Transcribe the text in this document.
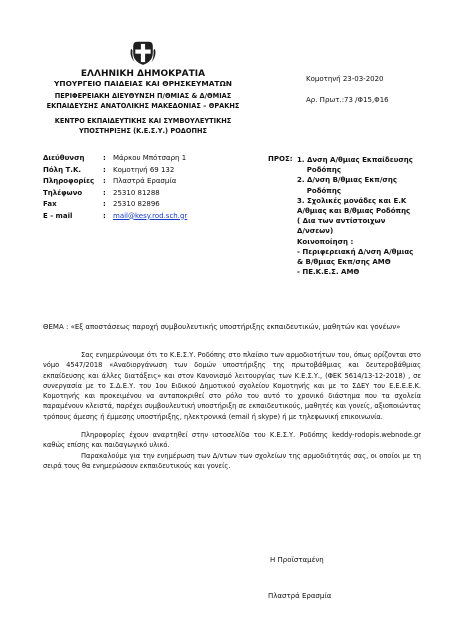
ΕΛΛΗΝΙΚΗ ΔΗΜΟΚΡΑΤΙΑ
ΥΠΟΥΡΓΕΙΟ ΠΑΙΔΕΙΑΣ ΚΑΙ ΘΡΗΣΚΕΥΜΑΤΩΝ
ΠΕΡΙΦΕΡΕΙΑΚΗ ΔΙΕΥΘΥΝΣΗ Π/ΘΜΙΑΣ & Δ/ΘΜΙΑΣ
ΕΚΠΑΙΔΕΥΣΗΣ ΑΝΑΤΟΛΙΚΗΣ ΜΑΚΕΔΟΝΙΑΣ – ΘΡΑΚΗΣ
ΚΕΝΤΡΟ ΕΚΠΑΙΔΕΥΤΙΚΗΣ ΚΑΙ ΣΥΜΒΟΥΛΕΥΤΙΚΗΣ
ΥΠΟΣΤΗΡΙΞΗΣ (Κ.Ε.Σ.Υ.) ΡΟΔΟΠΗΣ
Κομοτηνή 23-03-2020
Αρ. Πρωτ.:73 /Φ15,Φ16
Διεύθυνση	:	Μάρκου Μπότσαρη 1
Πόλη Τ.Κ.	:	Κομοτηνή 69 132
Πληροφορίες	:	Πλαστρά Ερασμία
Τηλέφωνο	:	25310 81288
Fax	:	25310 82896
E - mail	:	mail@kesy.rod.sch.gr
ΠΡΟΣ: 1. Δνση Α/θμιας Εκπαίδευσης
Ροδόπης
2. Δ/νση Β/θμιας Εκπ/σης
Ροδόπης
3. Σχολικές μονάδες και Ε.Κ
Α/θμιας και Β/θμιας Ροδόπης
( Δια των αντίστοιχων
Δ/νσεων)
Κοινοποίηση :
- Περιφερειακή Δ/νση Α/θμιας
& Β/θμιας Εκπ/σης ΑΜΘ
- ΠΕ.Κ.Ε.Σ. ΑΜΘ
ΘΕΜΑ : «Εξ αποστάσεως παροχή συμβουλευτικής υποστήριξης εκπαιδευτικών, μαθητών και γονέων»

Σας ενημερώνουμε ότι το Κ.Ε.Σ.Υ. Ροδόπης στο πλαίσιο των αρμοδιοτήτων του, όπως ορίζονται στο νόμο 4547/2018 «Αναδιοργάνωση των δομών υποστήριξης της πρωτοβάθμιας και δευτεροβάθμιας εκπαίδευσης και άλλες διατάξεις» και στον Κανονισμό λειτουργίας των Κ.Ε.Σ.Υ., (ΦΕΚ 5614/13-12-2018) , σε συνεργασία με το Σ.Δ.Ε.Υ. του 1ου Ειδικού Δημοτικού σχολείου Κομοτηνής και με το ΣΔΕΥ του Ε.Ε.Ε.Ε.Κ. Κομοτηνής και προκειμένου να ανταποκριθεί στο ρόλο του αυτό το χρονικό διάστημα που τα σχολεία παραμένουν κλειστά, παρέχει συμβουλευτική υποστήριξη σε εκπαιδευτικούς, μαθητές και γονείς, αξιοποιώντας τρόπους άμεσης ή έμμεσης υποστήριξης, ηλεκτρονικά (email ή skype) ή με τηλεφωνική επικοινωνία.

Πληροφορίες έχουν αναρτηθεί στην ιστοσελίδα του Κ.Ε.Σ.Υ. Ροδόπης keddy-rodopis.webnode.gr καθώς επίσης και παιδαγωγικό υλικό.

Παρακαλούμε για την ενημέρωση των Δ/ντων των σχολείων της αρμοδιότητάς σας, οι οποίοι με τη σειρά τους θα ενημερώσουν εκπαιδευτικούς και γονείς.

Η Προϊσταμένη
Πλαστρά Ερασμία
